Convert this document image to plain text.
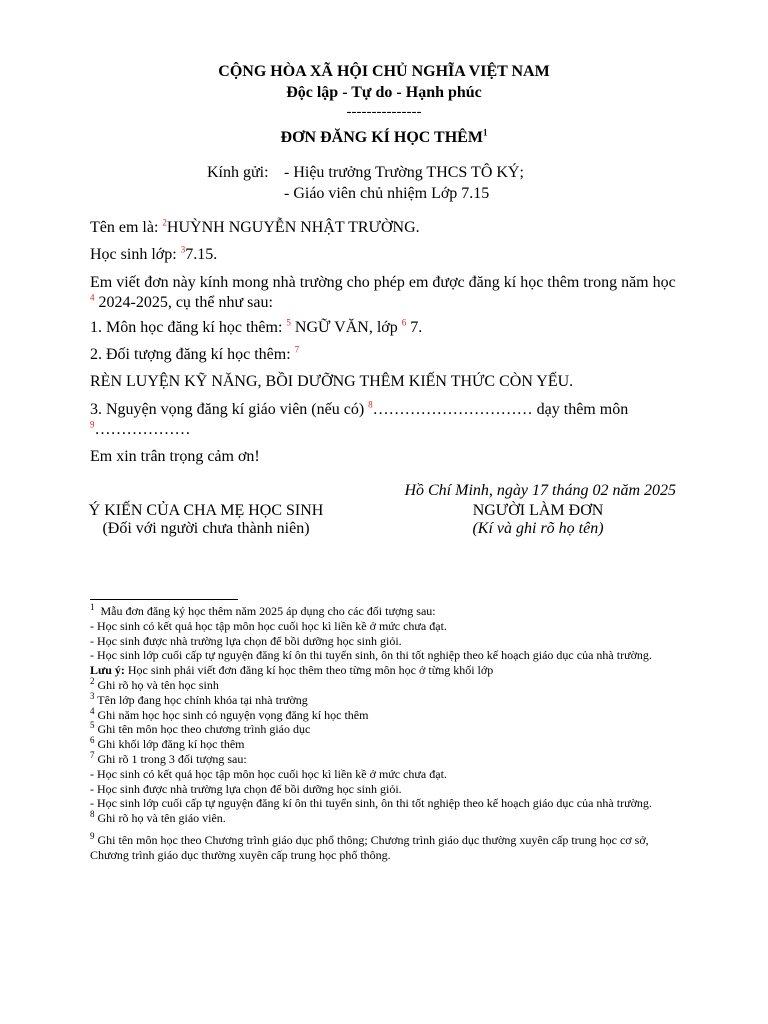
CỘNG HÒA XÃ HỘI CHỦ NGHĨA VIỆT NAM
Độc lập - Tự do - Hạnh phúc
---------------
ĐƠN ĐĂNG KÍ HỌC THÊM$^1$
Kính gửi: - Hiệu trưởng Trường THCS TÔ KÝ;
- Giáo viên chủ nhiệm Lớp 7.15
Tên em là: $^2$HUỲNH NGUYỄN NHẬT TRƯỜNG.
Học sinh lớp: $^3$7.15.
Em viết đơn này kính mong nhà trường cho phép em được đăng kí học thêm trong năm học $^4$ 2024-2025, cụ thể như sau:
1. Môn học đăng kí học thêm: $^5$ NGỮ VĂN, lớp $^6$ 7.
2. Đối tượng đăng kí học thêm: $^7$
RÈN LUYỆN KỸ NĂNG, BỒI DƯỠNG THÊM KIẾN THỨC CÒN YẾU.
3. Nguyện vọng đăng kí giáo viên (nếu có) $^8$………………………… dạy thêm môn
$^9$………………
Em xin trân trọng cảm ơn!
Hồ Chí Minh, ngày 17 tháng 02 năm 2025
Ý KIẾN CỦA CHA MẸ HỌC SINH
(Đối với người chưa thành niên)
NGƯỜI LÀM ĐƠN
(Kí và ghi rõ họ tên)
$^1$ Mẫu đơn đăng ký học thêm năm 2025 áp dụng cho các đối tượng sau:
- Học sinh có kết quả học tập môn học cuối học kì liền kề ở mức chưa đạt.
- Học sinh được nhà trường lựa chọn để bồi dưỡng học sinh giỏi.
- Học sinh lớp cuối cấp tự nguyện đăng kí ôn thi tuyển sinh, ôn thi tốt nghiệp theo kế hoạch giáo dục của nhà trường.
Lưu ý: Học sinh phải viết đơn đăng kí học thêm theo từng môn học ở từng khối lớp
$^2$ Ghi rõ họ và tên học sinh
$^3$ Tên lớp đang học chính khóa tại nhà trường
$^4$ Ghi năm học học sinh có nguyện vọng đăng kí học thêm
$^5$ Ghi tên môn học theo chương trình giáo dục
$^6$ Ghi khối lớp đăng kí học thêm
$^7$ Ghi rõ 1 trong 3 đối tượng sau:
- Học sinh có kết quả học tập môn học cuối học kì liền kề ở mức chưa đạt.
- Học sinh được nhà trường lựa chọn để bồi dưỡng học sinh giỏi.
- Học sinh lớp cuối cấp tự nguyện đăng kí ôn thi tuyển sinh, ôn thi tốt nghiệp theo kế hoạch giáo dục của nhà trường.
$^8$ Ghi rõ họ và tên giáo viên.
$^9$ Ghi tên môn học theo Chương trình giáo dục phổ thông; Chương trình giáo dục thường xuyên cấp trung học cơ sở, Chương trình giáo dục thường xuyên cấp trung học phổ thông.
